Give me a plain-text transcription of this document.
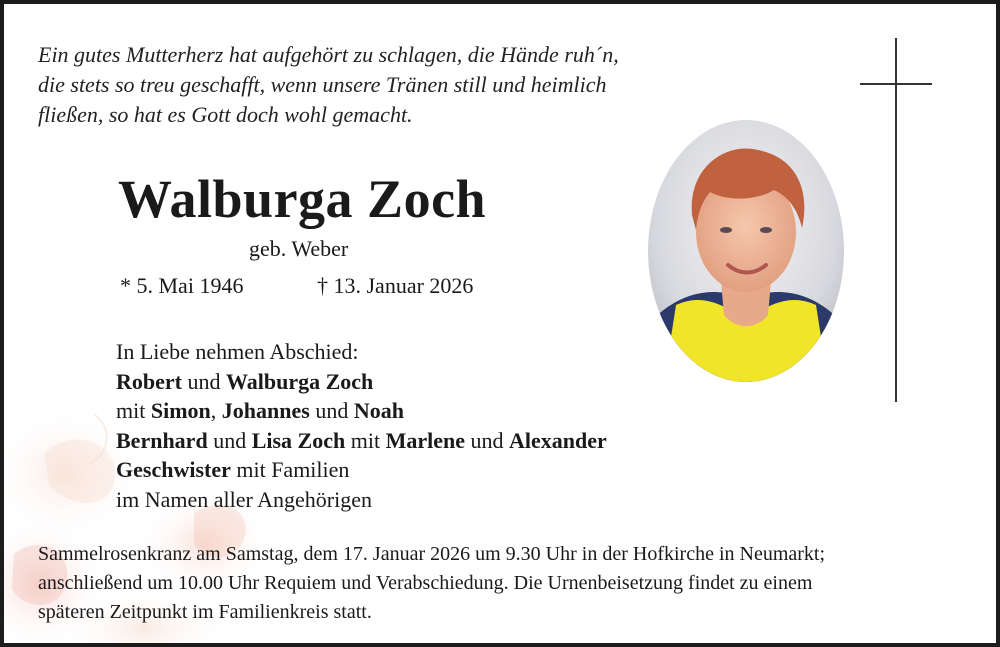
Ein gutes Mutterherz hat aufgehört zu schlagen, die Hände ruh´n,
die stets so treu geschafft, wenn unsere Tränen still und heimlich
fließen, so hat es Gott doch wohl gemacht.
Walburga Zoch
geb. Weber
* 5. Mai 1946	† 13. Januar 2026
In Liebe nehmen Abschied:
Robert und Walburga Zoch
mit Simon, Johannes und Noah
Bernhard und Lisa Zoch mit Marlene und Alexander
Geschwister mit Familien
im Namen aller Angehörigen
Sammelrosenkranz am Samstag, dem 17. Januar 2026 um 9.30 Uhr in der Hofkirche in Neumarkt;
anschließend um 10.00 Uhr Requiem und Verabschiedung. Die Urnenbeisetzung findet zu einem
späteren Zeitpunkt im Familienkreis statt.
